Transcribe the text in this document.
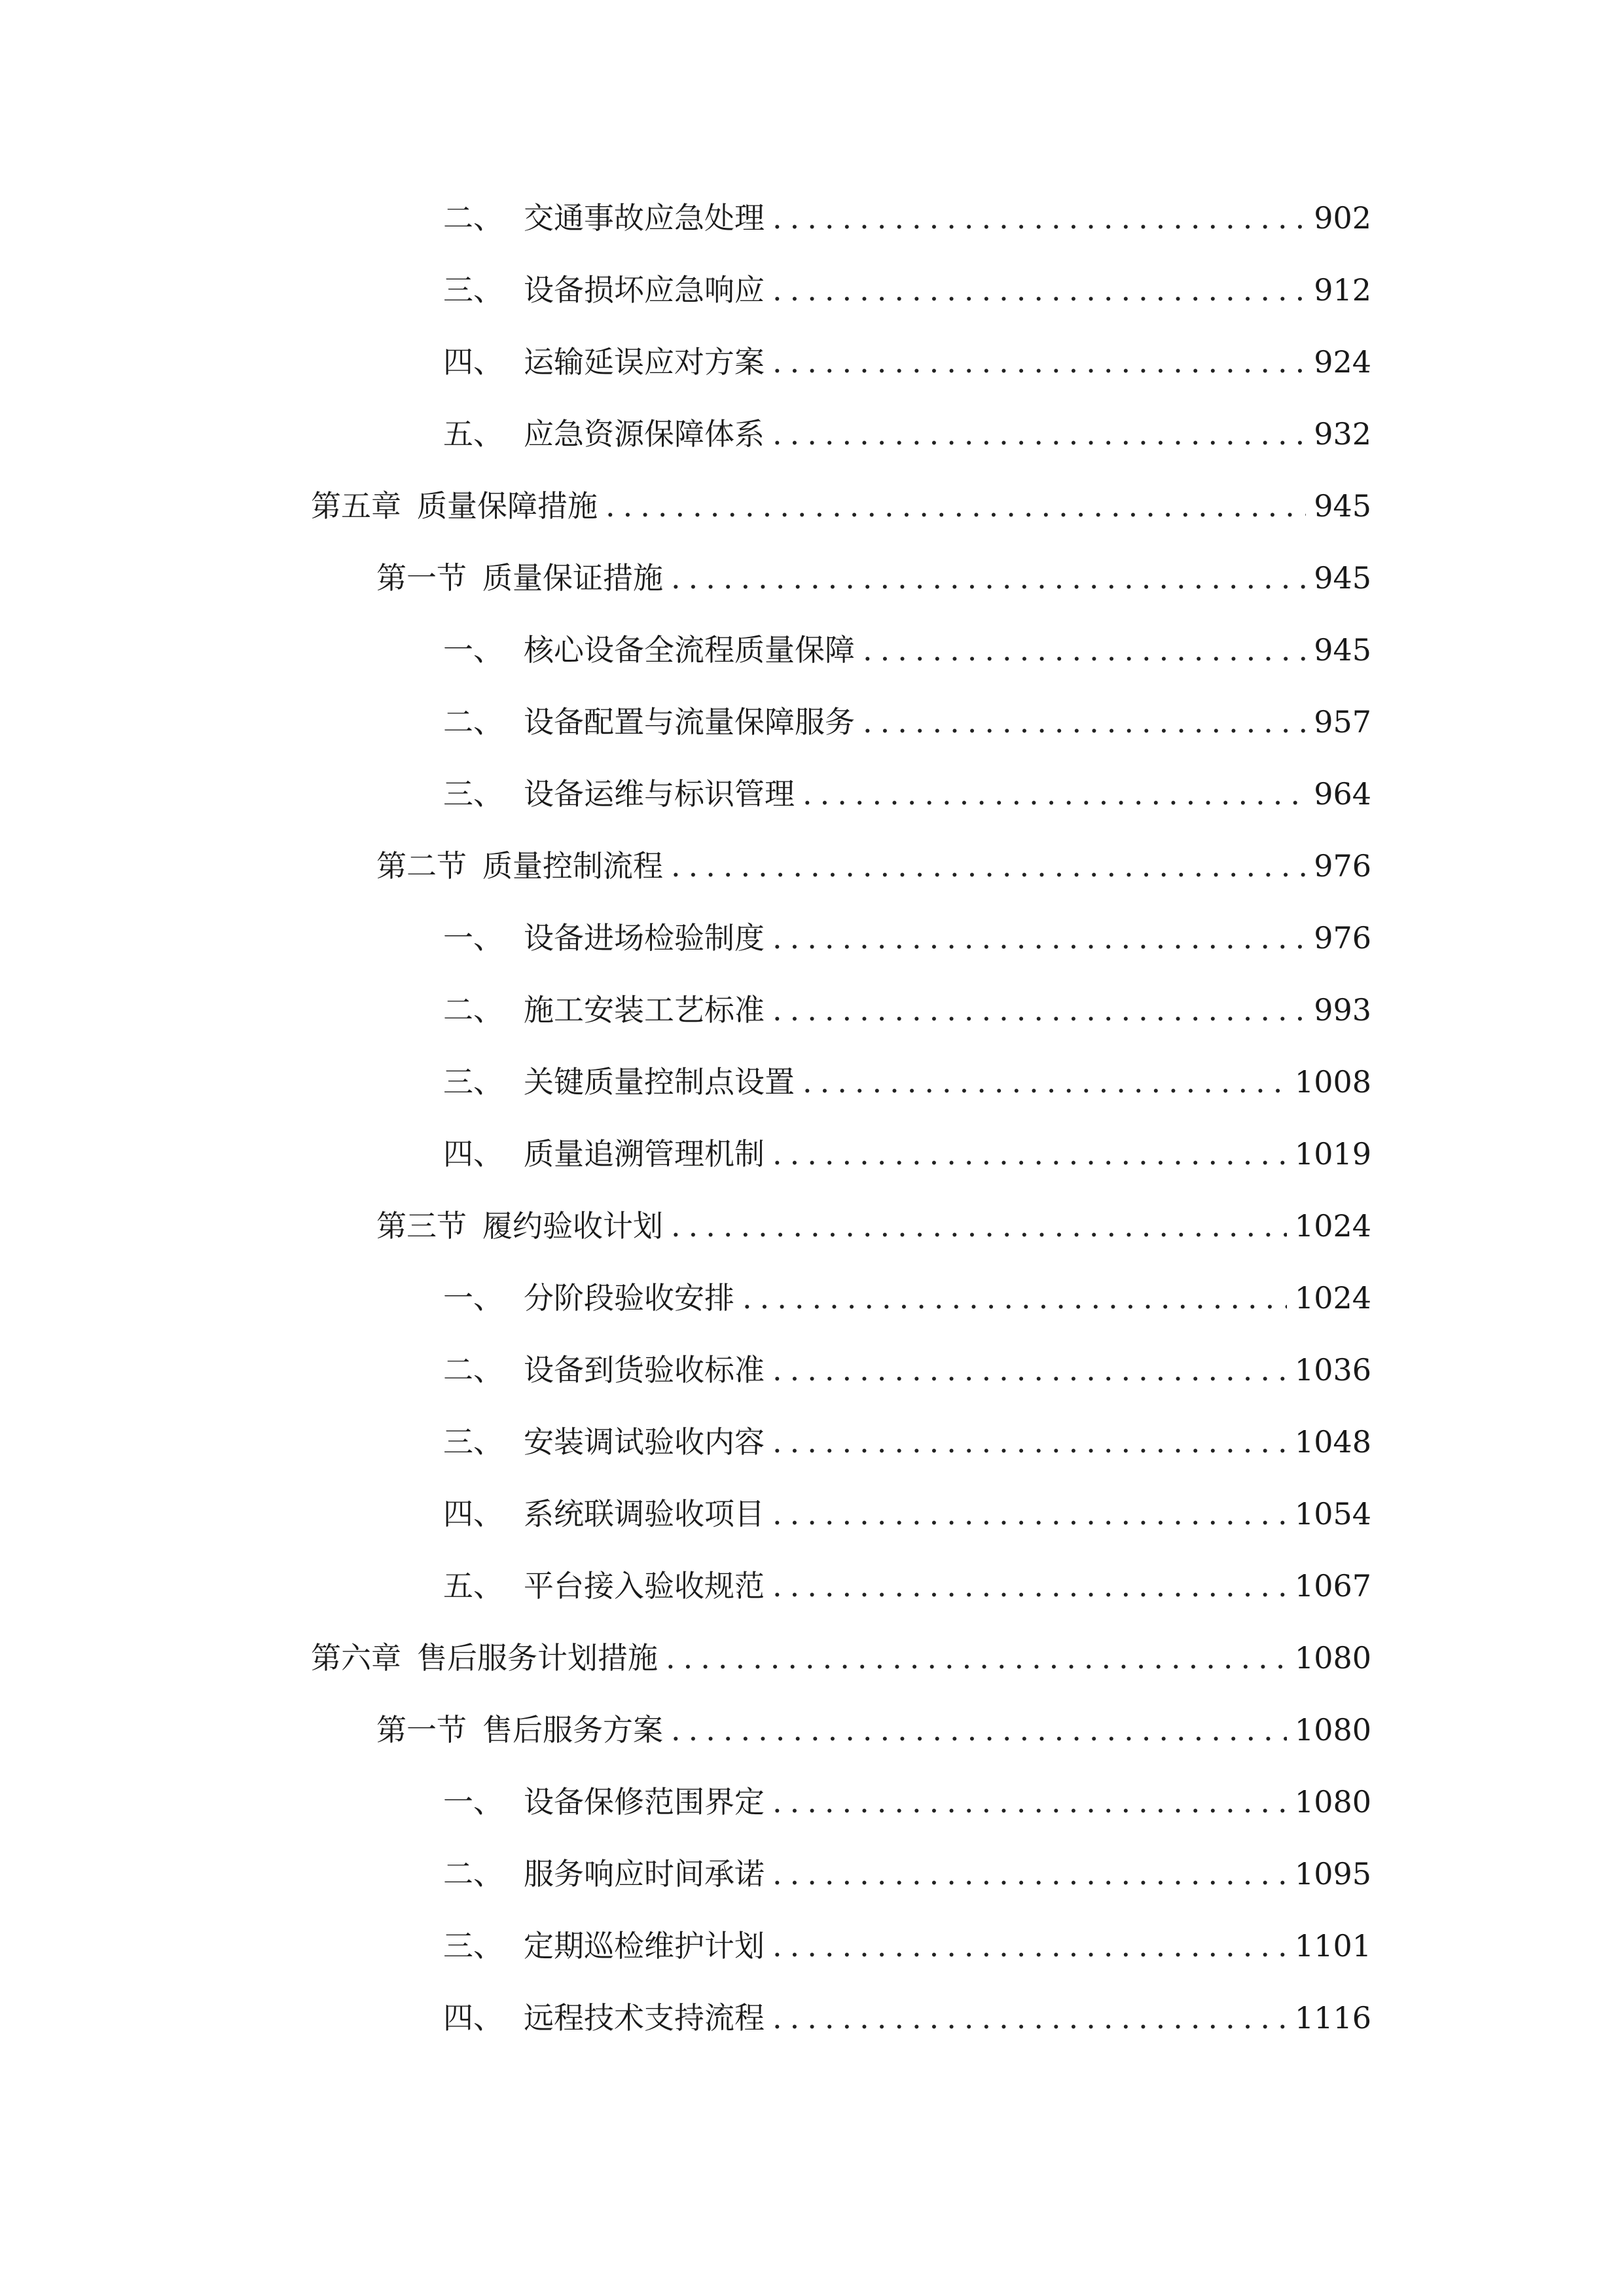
二、 交通事故应急处理 .....	902
三、 设备损坏应急响应 .....	912
四、 运输延误应对方案 .....	924
五、 应急资源保障体系 .....	932
第五章 质量保障措施 .....	945
第一节 质量保证措施 .....	945
一、 核心设备全流程质量保障 .....	945
二、 设备配置与流量保障服务 .....	957
三、 设备运维与标识管理 .....	964
第二节 质量控制流程 .....	976
一、 设备进场检验制度 .....	976
二、 施工安装工艺标准 .....	993
三、 关键质量控制点设置 .....	1008
四、 质量追溯管理机制 .....	1019
第三节 履约验收计划 .....	1024
一、 分阶段验收安排 .....	1024
二、 设备到货验收标准 .....	1036
三、 安装调试验收内容 .....	1048
四、 系统联调验收项目 .....	1054
五、 平台接入验收规范 .....	1067
第六章 售后服务计划措施 .....	1080
第一节 售后服务方案 .....	1080
一、 设备保修范围界定 .....	1080
二、 服务响应时间承诺 .....	1095
三、 定期巡检维护计划 .....	1101
四、 远程技术支持流程 .....	1116
